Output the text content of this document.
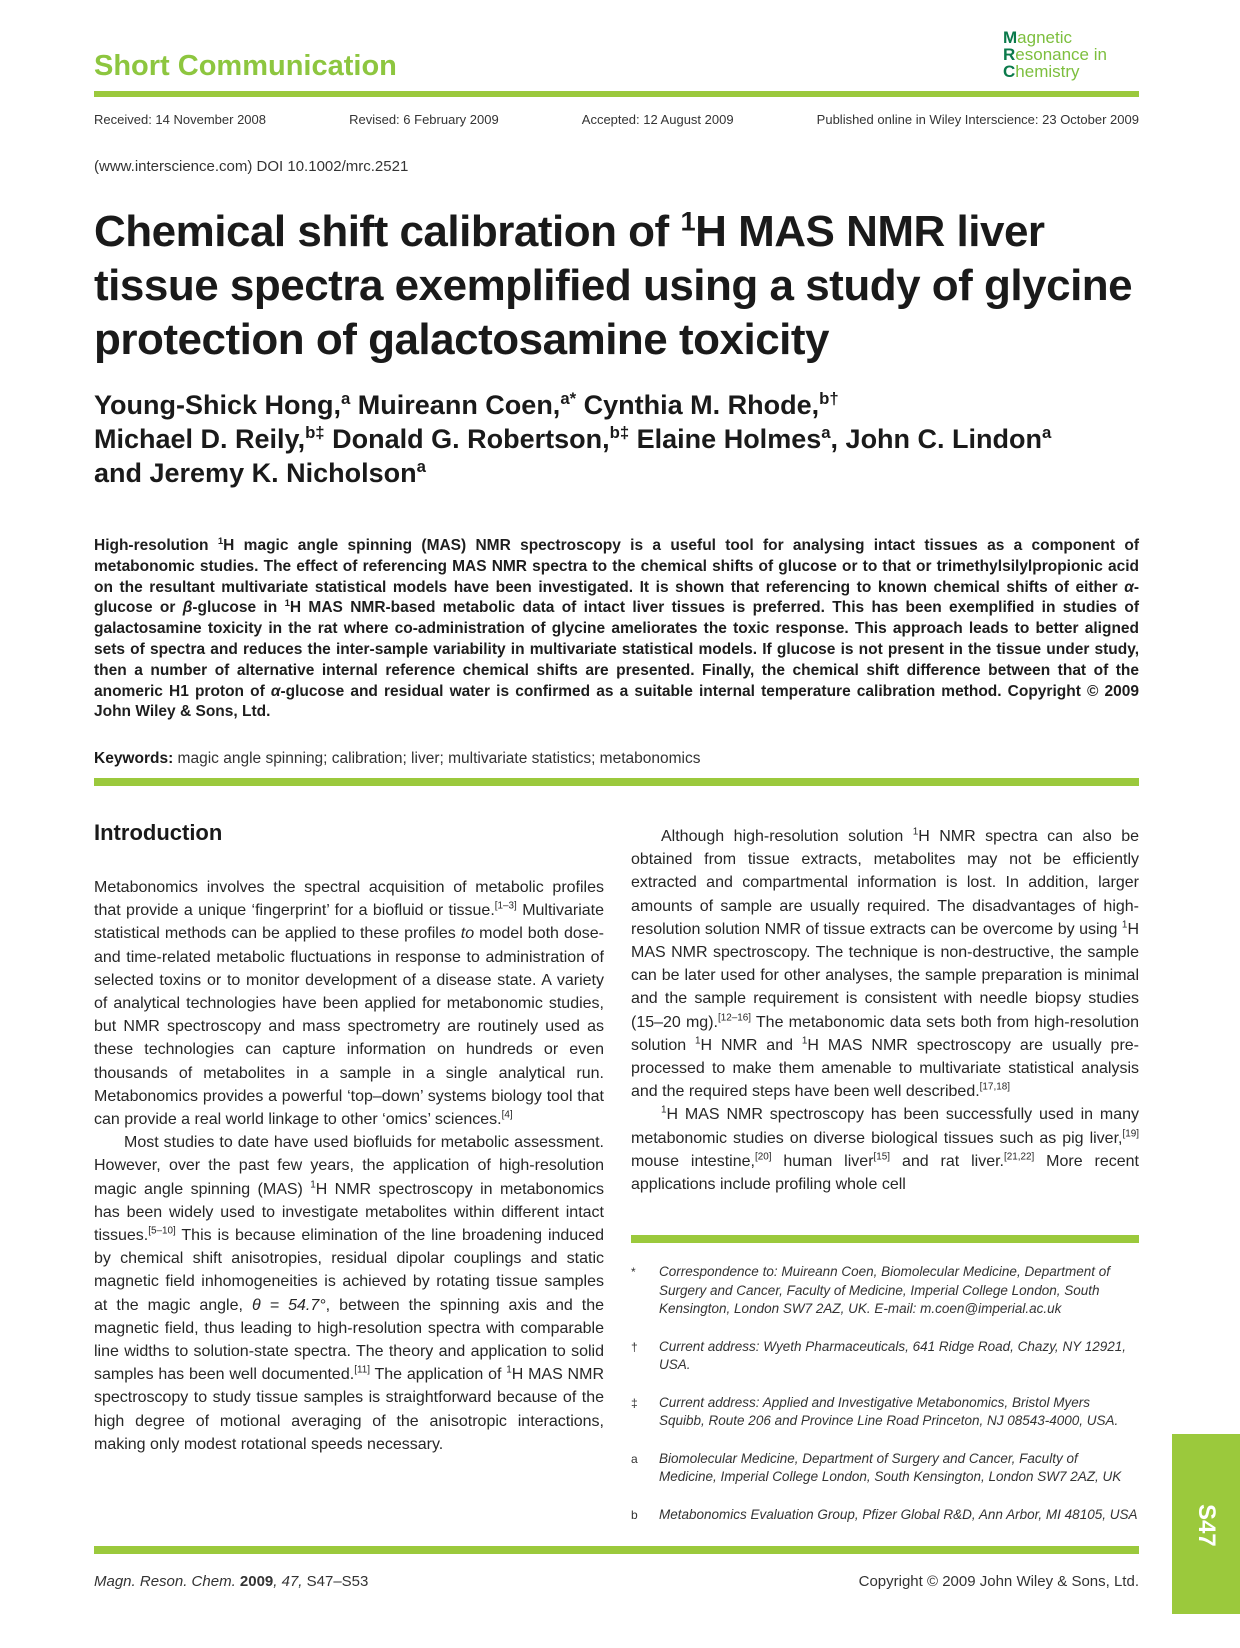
Short Communication
Magnetic
Resonance in
Chemistry
Received: 14 November 2008	Revised: 6 February 2009	Accepted: 12 August 2009	Published online in Wiley Interscience: 23 October 2009
(www.interscience.com) DOI 10.1002/mrc.2521
Chemical shift calibration of $^1$H MAS NMR liver tissue spectra exemplified using a study of glycine protection of galactosamine toxicity

Young-Shick Hong,$^a$ Muireann Coen,$^{a*}$ Cynthia M. Rhode,$^{b\dagger}$
Michael D. Reily,$^{b\ddagger}$ Donald G. Robertson,$^{b\ddagger}$ Elaine Holmes$^a$, John C. Lindon$^a$
and Jeremy K. Nicholson$^a$

High-resolution $^1$H magic angle spinning (MAS) NMR spectroscopy is a useful tool for analysing intact tissues as a component of metabonomic studies. The effect of referencing MAS NMR spectra to the chemical shifts of glucose or to that or trimethylsilylpropionic acid on the resultant multivariate statistical models have been investigated. It is shown that referencing to known chemical shifts of either α-glucose or β-glucose in $^1$H MAS NMR-based metabolic data of intact liver tissues is preferred. This has been exemplified in studies of galactosamine toxicity in the rat where co-administration of glycine ameliorates the toxic response. This approach leads to better aligned sets of spectra and reduces the inter-sample variability in multivariate statistical models. If glucose is not present in the tissue under study, then a number of alternative internal reference chemical shifts are presented. Finally, the chemical shift difference between that of the anomeric H1 proton of α-glucose and residual water is confirmed as a suitable internal temperature calibration method. Copyright © 2009 John Wiley & Sons, Ltd.

Keywords: magic angle spinning; calibration; liver; multivariate statistics; metabonomics
Introduction

Metabonomics involves the spectral acquisition of metabolic profiles that provide a unique ‘fingerprint’ for a biofluid or tissue.[1–3] Multivariate statistical methods can be applied to these profiles to model both dose- and time-related metabolic fluctuations in response to administration of selected toxins or to monitor development of a disease state. A variety of analytical technologies have been applied for metabonomic studies, but NMR spectroscopy and mass spectrometry are routinely used as these technologies can capture information on hundreds or even thousands of metabolites in a sample in a single analytical run. Metabonomics provides a powerful ‘top–down’ systems biology tool that can provide a real world linkage to other ‘omics’ sciences.[4]

Most studies to date have used biofluids for metabolic assessment. However, over the past few years, the application of high-resolution magic angle spinning (MAS) $^1$H NMR spectroscopy in metabonomics has been widely used to investigate metabolites within different intact tissues.[5–10] This is because elimination of the line broadening induced by chemical shift anisotropies, residual dipolar couplings and static magnetic field inhomogeneities is achieved by rotating tissue samples at the magic angle, θ = 54.7°, between the spinning axis and the magnetic field, thus leading to high-resolution spectra with comparable line widths to solution-state spectra. The theory and application to solid samples has been well documented.[11] The application of $^1$H MAS NMR spectroscopy to study tissue samples is straightforward because of the high degree of motional averaging of the anisotropic interactions, making only modest rotational speeds necessary.

Although high-resolution solution $^1$H NMR spectra can also be obtained from tissue extracts, metabolites may not be efficiently extracted and compartmental information is lost. In addition, larger amounts of sample are usually required. The disadvantages of high-resolution solution NMR of tissue extracts can be overcome by using $^1$H MAS NMR spectroscopy. The technique is non-destructive, the sample can be later used for other analyses, the sample preparation is minimal and the sample requirement is consistent with needle biopsy studies (15–20 mg).[12–16] The metabonomic data sets both from high-resolution solution $^1$H NMR and $^1$H MAS NMR spectroscopy are usually pre-processed to make them amenable to multivariate statistical analysis and the required steps have been well described.[17,18]

$^1$H MAS NMR spectroscopy has been successfully used in many metabonomic studies on diverse biological tissues such as pig liver,[19] mouse intestine,[20] human liver[15] and rat liver.[21,22] More recent applications include profiling whole cell

*	Correspondence to: Muireann Coen, Biomolecular Medicine, Department of Surgery and Cancer, Faculty of Medicine, Imperial College London, South Kensington, London SW7 2AZ, UK. E-mail: m.coen@imperial.ac.uk
†	Current address: Wyeth Pharmaceuticals, 641 Ridge Road, Chazy, NY 12921, USA.
‡	Current address: Applied and Investigative Metabonomics, Bristol Myers Squibb, Route 206 and Province Line Road Princeton, NJ 08543-4000, USA.
a	Biomolecular Medicine, Department of Surgery and Cancer, Faculty of Medicine, Imperial College London, South Kensington, London SW7 2AZ, UK
b	Metabonomics Evaluation Group, Pfizer Global R&D, Ann Arbor, MI 48105, USA
Magn. Reson. Chem. 2009, 47, S47–S53	Copyright © 2009 John Wiley & Sons, Ltd.
S47
